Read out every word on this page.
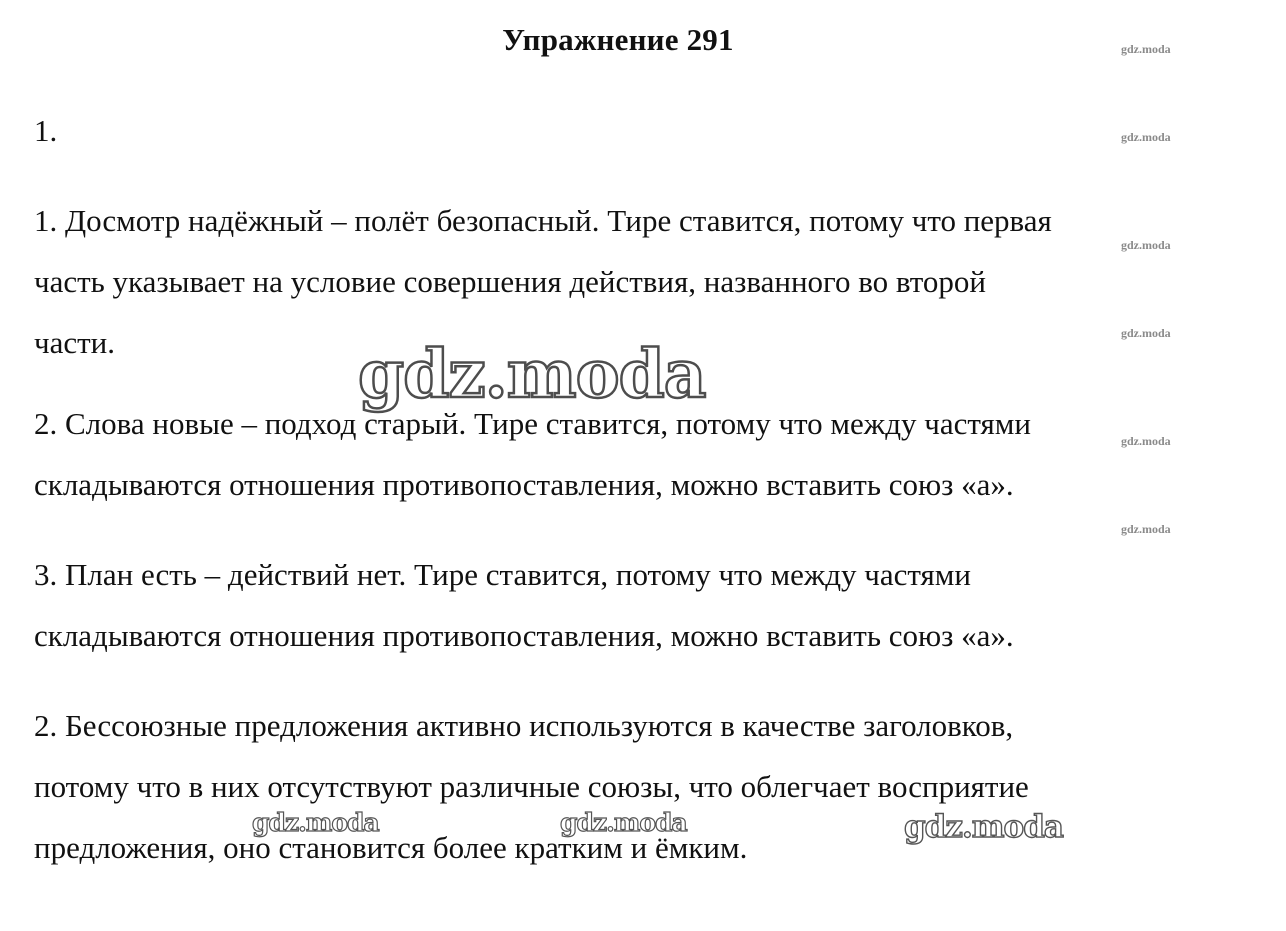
Упражнение 291
1.
1. Досмотр надёжный – полёт безопасный. Тире ставится, потому что первая
часть указывает на условие совершения действия, названного во второй
части.
2. Слова новые – подход старый. Тире ставится, потому что между частями
складываются отношения противопоставления, можно вставить союз «а».
3. План есть – действий нет. Тире ставится, потому что между частями
складываются отношения противопоставления, можно вставить союз «а».
2. Бессоюзные предложения активно используются в качестве заголовков,
потому что в них отсутствуют различные союзы, что облегчает восприятие
предложения, оно становится более кратким и ёмким.
gdz.moda
gdz.moda
gdz.moda
gdz.moda
gdz.moda
gdz.moda
gdz.moda
gdz.moda	gdz.moda	gdz.moda
